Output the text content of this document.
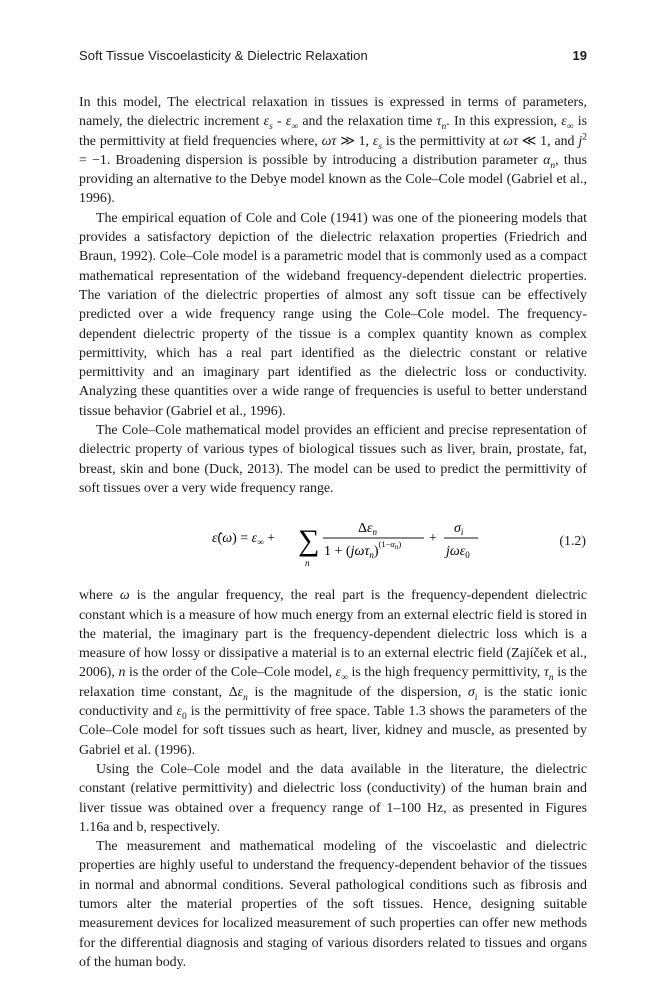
Soft Tissue Viscoelasticity & Dielectric Relaxation	19

In this model, The electrical relaxation in tissues is expressed in terms of parameters, namely, the dielectric increment $\varepsilon_s - \varepsilon_\infty$ and the relaxation time $\tau_n$. In this expression, $\varepsilon_\infty$ is the permittivity at field frequencies where, ωτ ≫ 1, $\varepsilon_s$ is the permittivity at ωτ ≪ 1, and $j^2 = -1$. Broadening dispersion is possible by introducing a distribution parameter $\alpha_n$, thus providing an alternative to the Debye model known as the Cole–Cole model (Gabriel et al., 1996).

The empirical equation of Cole and Cole (1941) was one of the pioneering models that provides a satisfactory depiction of the dielectric relaxation properties (Friedrich and Braun, 1992). Cole–Cole model is a parametric model that is commonly used as a compact mathematical representation of the wideband frequency-dependent dielectric properties. The variation of the dielectric properties of almost any soft tissue can be effectively predicted over a wide frequency range using the Cole–Cole model. The frequency-dependent dielectric property of the tissue is a complex quantity known as complex permittivity, which has a real part identified as the dielectric constant or relative permittivity and an imaginary part identified as the dielectric loss or conductivity. Analyzing these quantities over a wide range of frequencies is useful to better understand tissue behavior (Gabriel et al., 1996).

The Cole–Cole mathematical model provides an efficient and precise representation of dielectric property of various types of biological tissues such as liver, brain, prostate, fat, breast, skin and bone (Duck, 2013). The model can be used to predict the permittivity of soft tissues over a very wide frequency range.

ε̂(ω) = $\varepsilon_\infty$ + ∑
n
$\Delta\varepsilon_n$
$1 + (j\omega\tau_n)^{(1-}\alpha n$) +
$\sigma_i$
jωε$_0$
(1.2)

where ω is the angular frequency, the real part is the frequency-dependent dielectric constant which is a measure of how much energy from an external electric field is stored in the material, the imaginary part is the frequency-dependent dielectric loss which is a measure of how lossy or dissipative a material is to an external electric field (Zajíček et al., 2006), n is the order of the Cole–Cole model, $\varepsilon_\infty$ is the high frequency permittivity, $\tau_n$ is the relaxation time constant, $\Delta\varepsilon_n$ is the magnitude of the dispersion, $\sigma_i$ is the static ionic conductivity and $\varepsilon_0$ is the permittivity of free space. Table 1.3 shows the parameters of the Cole–Cole model for soft tissues such as heart, liver, kidney and muscle, as presented by Gabriel et al. (1996).

Using the Cole–Cole model and the data available in the literature, the dielectric constant (relative permittivity) and dielectric loss (conductivity) of the human brain and liver tissue was obtained over a frequency range of 1–100 Hz, as presented in Figures 1.16a and b, respectively.

The measurement and mathematical modeling of the viscoelastic and dielectric properties are highly useful to understand the frequency-dependent behavior of the tissues in normal and abnormal conditions. Several pathological conditions such as fibrosis and tumors alter the material properties of the soft tissues. Hence, designing suitable measurement devices for localized measurement of such properties can offer new methods for the differential diagnosis and staging of various disorders related to tissues and organs of the human body.
